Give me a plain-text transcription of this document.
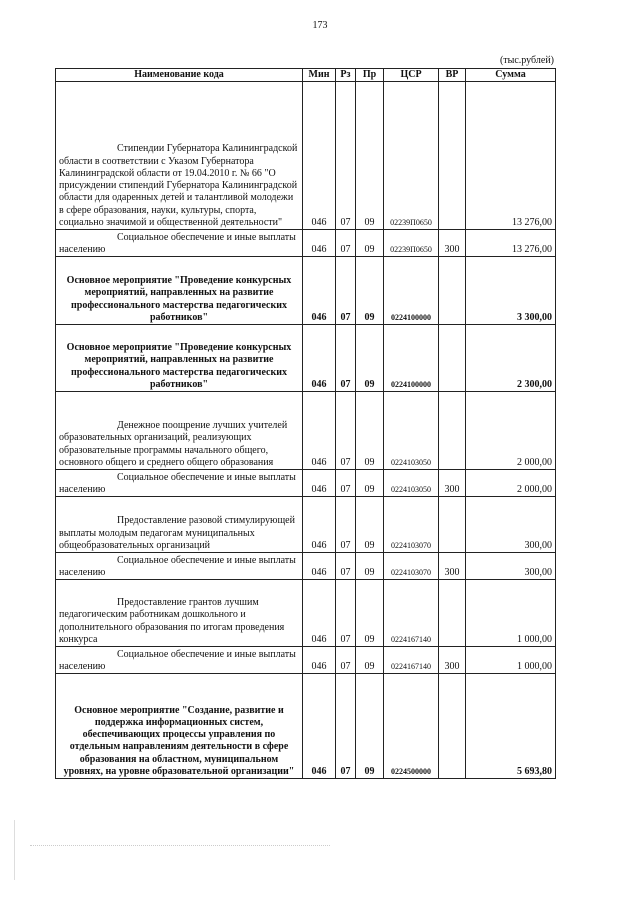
173
(тыс.рублей)
Наименование кода	Мин	Рз	Пр	ЦСР	ВР	Сумма
Стипендии Губернатора Калининградской области в соответствии с Указом Губернатора Калининградской области от 19.04.2010 г. № 66 "О присуждении стипендий Губернатора Калининградской области для одаренных детей и талантливой молодежи в сфере образования, науки, культуры, спорта, социально значимой и общественной деятельности"	046	07	09	02239П0650		13 276,00
Социальное обеспечение и иные выплаты населению	046	07	09	02239П0650	300	13 276,00
Основное мероприятие "Проведение конкурсных мероприятий, направленных на развитие профессионального мастерства педагогических работников"	046	07	09	0224100000		3 300,00
Основное мероприятие "Проведение конкурсных мероприятий, направленных на развитие профессионального мастерства педагогических работников"	046	07	09	0224100000		2 300,00
Денежное поощрение лучших учителей образовательных организаций, реализующих образовательные программы начального общего, основного общего и среднего общего образования	046	07	09	0224103050		2 000,00
Социальное обеспечение и иные выплаты населению	046	07	09	0224103050	300	2 000,00
Предоставление разовой стимулирующей выплаты молодым педагогам муниципальных общеобразовательных организаций	046	07	09	0224103070		300,00
Социальное обеспечение и иные выплаты населению	046	07	09	0224103070	300	300,00
Предоставление грантов лучшим педагогическим работникам дошкольного и дополнительного образования по итогам проведения конкурса	046	07	09	0224167140		1 000,00
Социальное обеспечение и иные выплаты населению	046	07	09	0224167140	300	1 000,00
Основное мероприятие "Создание, развитие и поддержка информационных систем, обеспечивающих процессы управления по отдельным направлениям деятельности в сфере образования на областном, муниципальном уровнях, на уровне образовательной организации"	046	07	09	0224500000		5 693,80
